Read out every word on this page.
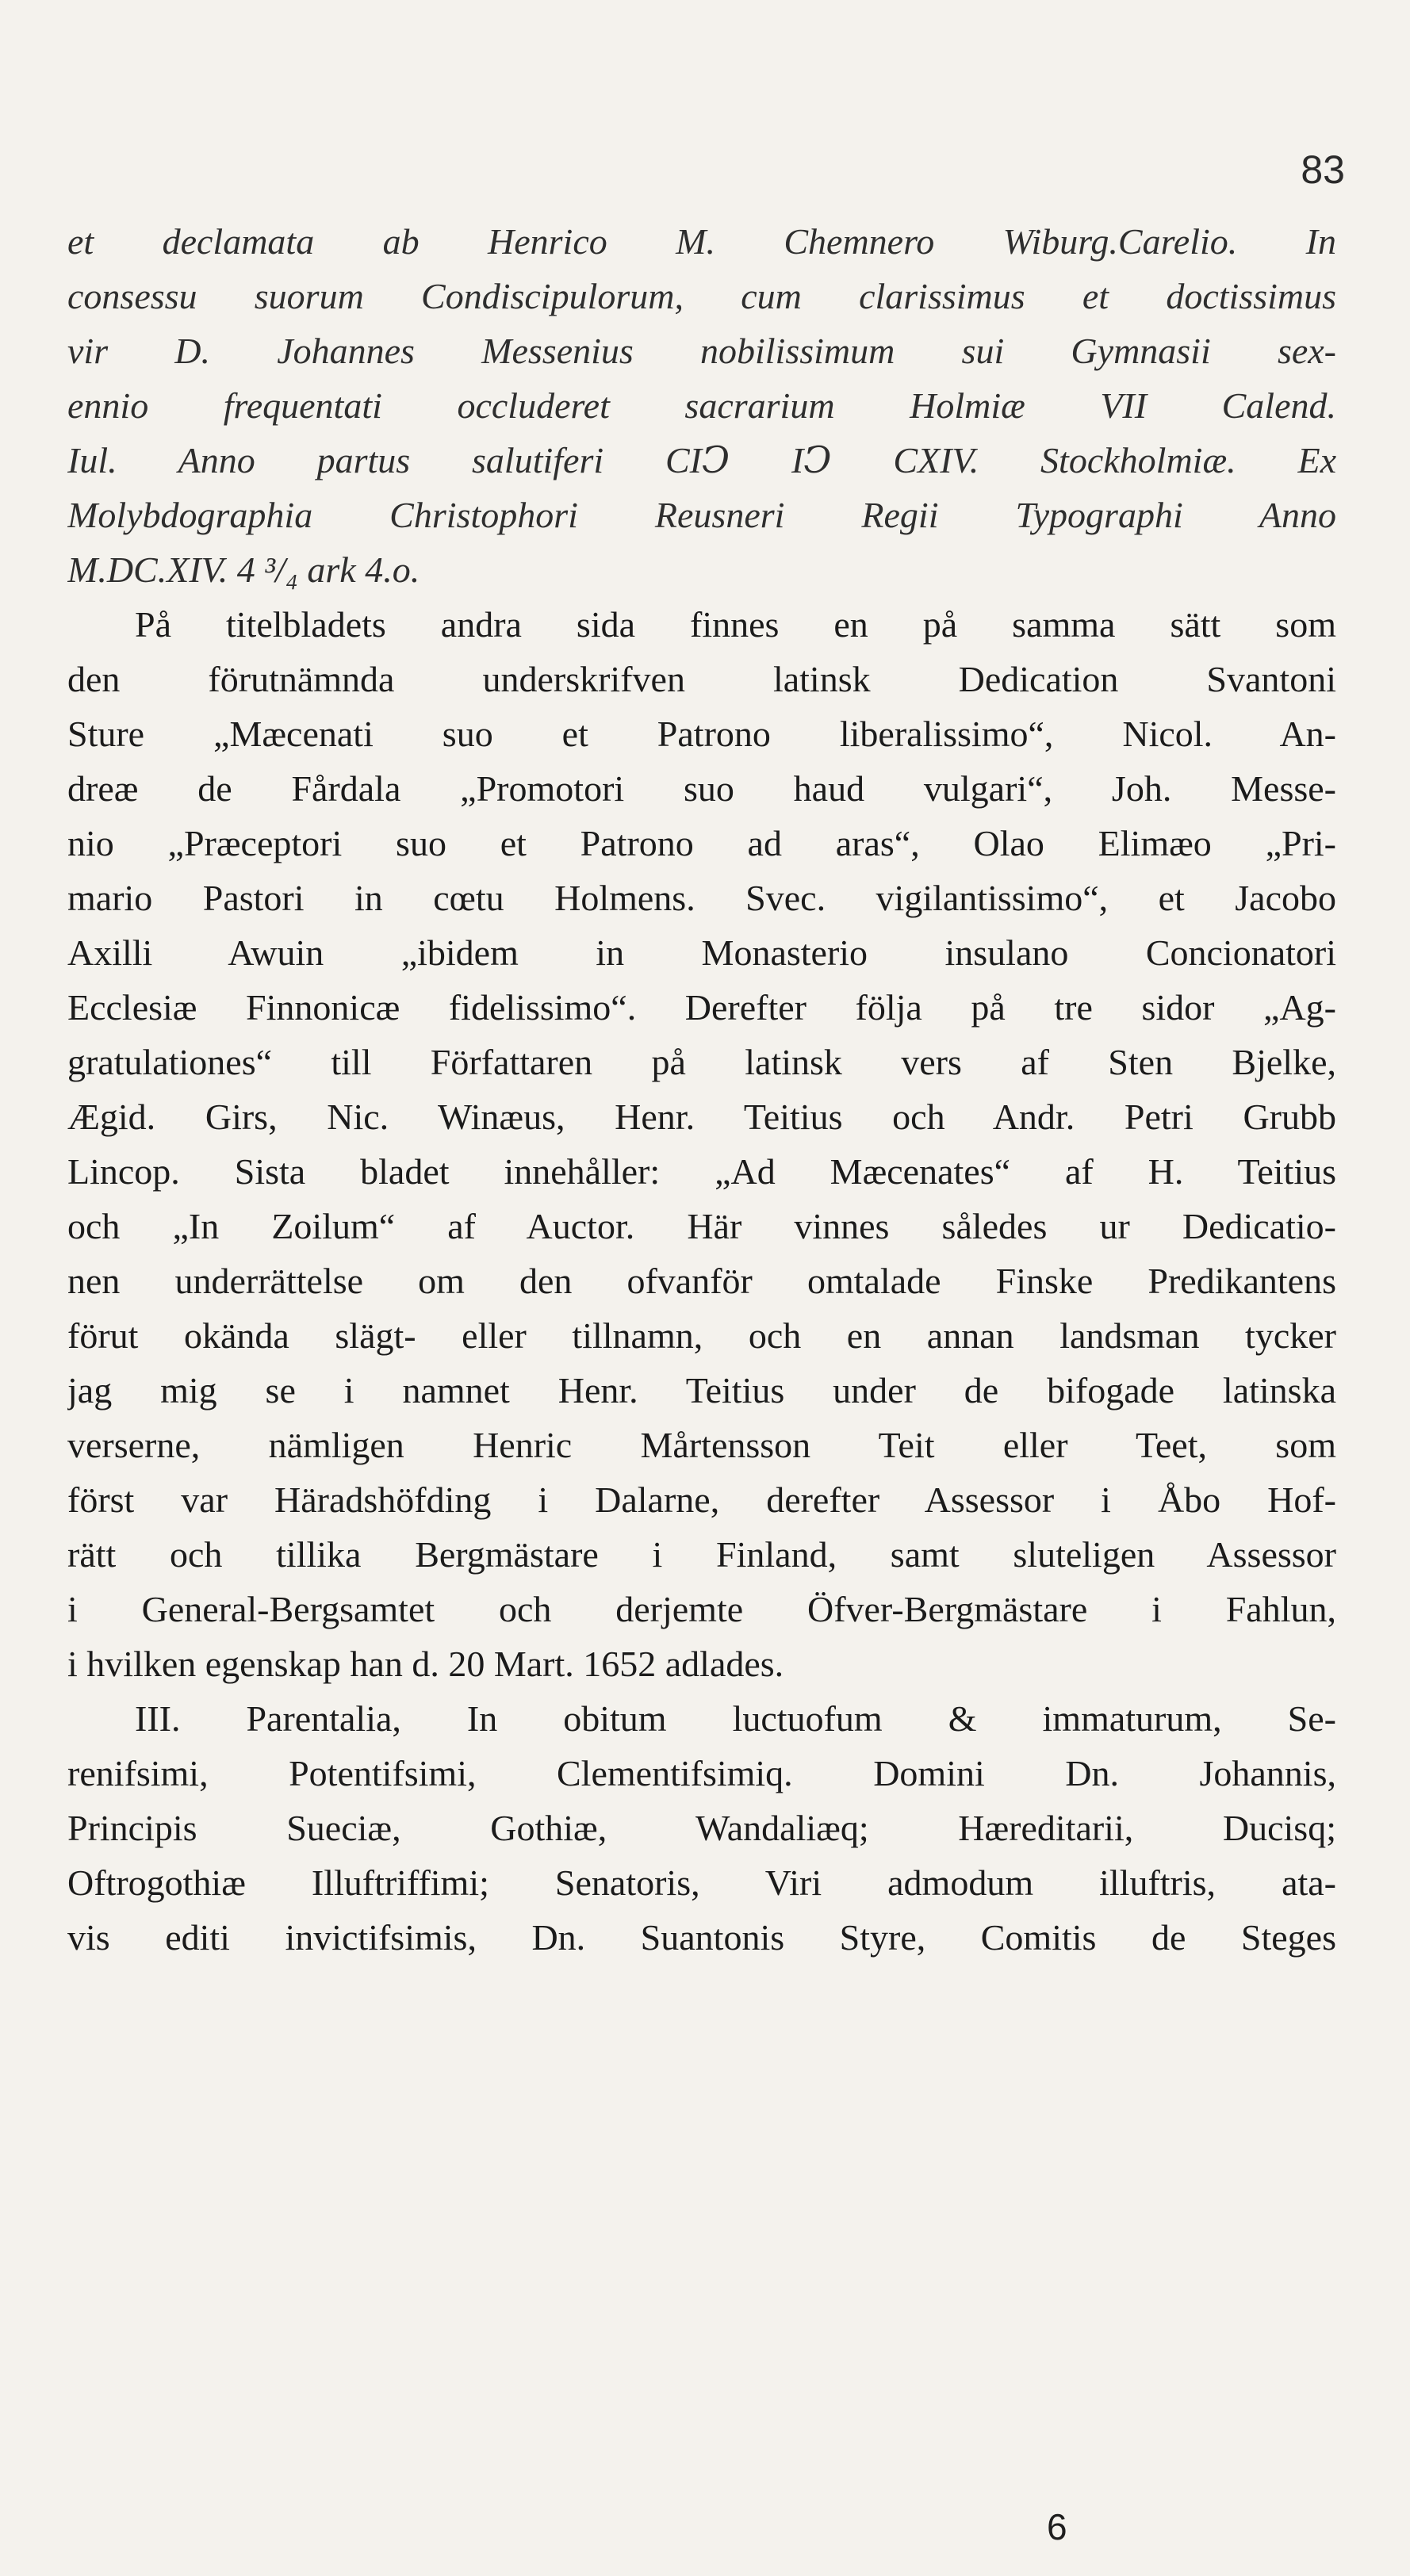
83
et declamata ab Henrico M. Chemnero Wiburg.Carelio. In
consessu suorum Condiscipulorum, cum clarissimus et doctissimus
vir D. Johannes Messenius nobilissimum sui Gymnasii sex-
ennio frequentati occluderet sacrarium Holmiæ VII Calend.
Iul. Anno partus salutiferi CIↃ IↃ CXIV. Stockholmiæ. Ex
Molybdographia Christophori Reusneri Regii Typographi Anno
M.DC.XIV. 4 ³/₄ ark 4.o.
På titelbladets andra sida finnes en på samma sätt som
den förutnämnda underskrifven latinsk Dedication Svantoni
Sture „Mæcenati suo et Patrono liberalissimo“, Nicol. An-
dreæ de Fårdala „Promotori suo haud vulgari“, Joh. Messe-
nio „Præceptori suo et Patrono ad aras“, Olao Elimæo „Pri-
mario Pastori in cœtu Holmens. Svec. vigilantissimo“, et Jacobo
Axilli Awuin „ibidem in Monasterio insulano Concionatori
Ecclesiæ Finnonicæ fidelissimo“. Derefter följa på tre sidor „Ag-
gratulationes“ till Författaren på latinsk vers af Sten Bjelke,
Ægid. Girs, Nic. Winæus, Henr. Teitius och Andr. Petri Grubb
Lincop. Sista bladet innehåller: „Ad Mæcenates“ af H. Teitius
och „In Zoilum“ af Auctor. Här vinnes således ur Dedicatio-
nen underrättelse om den ofvanför omtalade Finske Predikantens
förut okända slägt- eller tillnamn, och en annan landsman tycker
jag mig se i namnet Henr. Teitius under de bifogade latinska
verserne, nämligen Henric Mårtensson Teit eller Teet, som
först var Häradshöfding i Dalarne, derefter Assessor i Åbo Hof-
rätt och tillika Bergmästare i Finland, samt sluteligen Assessor
i General-Bergsamtet och derjemte Öfver-Bergmästare i Fahlun,
i hvilken egenskap han d. 20 Mart. 1652 adlades.
III. Parentalia, In obitum luctuofum & immaturum, Se-
renifsimi, Potentifsimi, Clementifsimiq. Domini Dn. Johannis,
Principis Sueciæ, Gothiæ, Wandaliæq; Hæreditarii, Ducisq;
Oftrogothiæ Illuftriffimi; Senatoris, Viri admodum illuftris, ata-
vis editi invictifsimis, Dn. Suantonis Styre, Comitis de Steges
6
